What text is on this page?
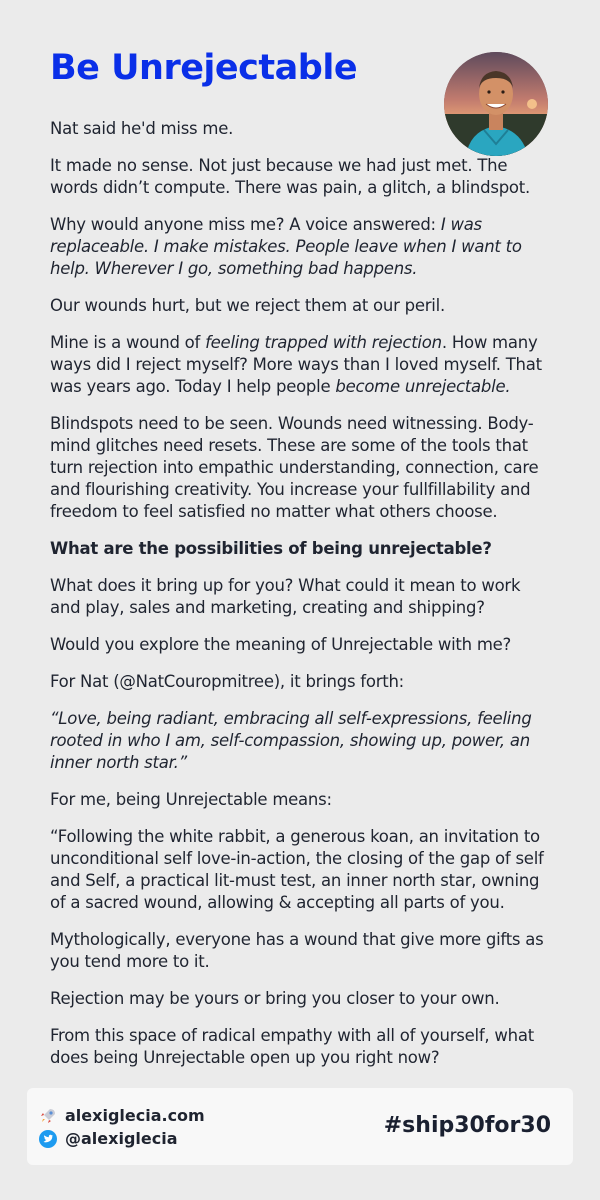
Be Unrejectable

Nat said he'd miss me.

It made no sense. Not just because we had just met. The words didn’t compute. There was pain, a glitch, a blindspot.

Why would anyone miss me? A voice answered: I was replaceable. I make mistakes. People leave when I want to help. Wherever I go, something bad happens.

Our wounds hurt, but we reject them at our peril.

Mine is a wound of feeling trapped with rejection. How many ways did I reject myself? More ways than I loved myself. That was years ago. Today I help people become unrejectable.

Blindspots need to be seen. Wounds need witnessing. Body-mind glitches need resets. These are some of the tools that turn rejection into empathic understanding, connection, care and flourishing creativity. You increase your fullfillability and freedom to feel satisfied no matter what others choose.

What are the possibilities of being unrejectable?

What does it bring up for you? What could it mean to work and play, sales and marketing, creating and shipping?

Would you explore the meaning of Unrejectable with me?

For Nat (@NatCouropmitree), it brings forth:

“Love, being radiant, embracing all self-expressions, feeling rooted in who I am, self-compassion, showing up, power, an inner north star.”

For me, being Unrejectable means:

“Following the white rabbit, a generous koan, an invitation to unconditional self love-in-action, the closing of the gap of self and Self, a practical lit-must test, an inner north star, owning of a sacred wound, allowing & accepting all parts of you.

Mythologically, everyone has a wound that give more gifts as you tend more to it.

Rejection may be yours or bring you closer to your own.

From this space of radical empathy with all of yourself, what does being Unrejectable open up you right now?

alexiglecia.com
@alexiglecia
#ship30for30
